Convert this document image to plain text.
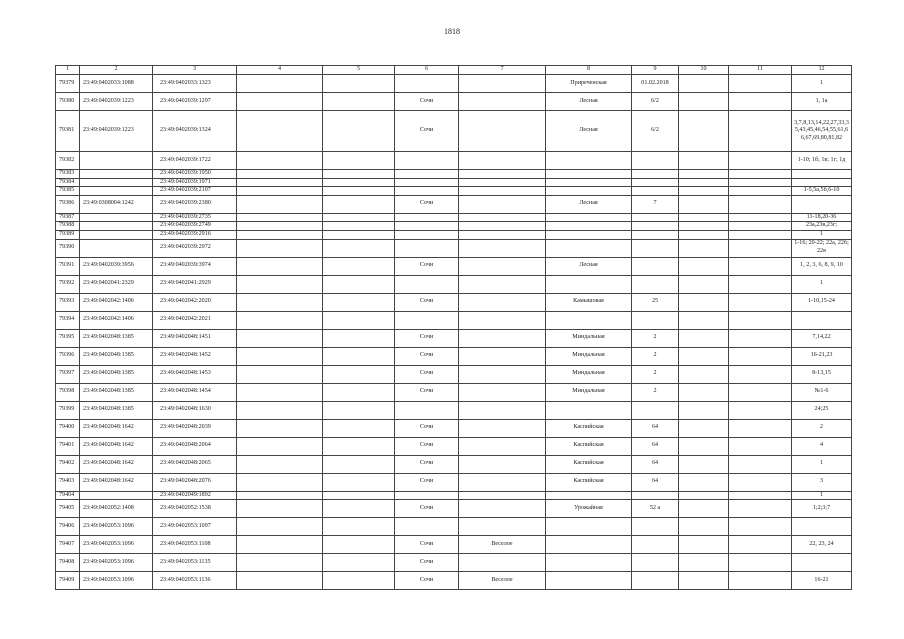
1818
1	2	3	4	5	6	7	8	9	10	11	12
79379	23:49:0402033:1088	23:49:0402033:1323					Приреченская	01.02.2018			1
79380	23:49:0402039:1223	23:49:0402039:1297			Сочи		Лесная	6/2			1, 1а
79381	23:49:0402039:1223	23:49:0402039:1324			Сочи		Лесная	6/2			3,7,8,13,14,22,27,33,35,43,45,46,54,55,61,66,67,69,80,81,82
79382		23:49:0402039:1722									1-10; 1б; 1в; 1г; 1д
79383		23:49:0402039:1950									
79384		23:49:0402039:1971									
79385		23:49:0402039:2107									1-5,5а,5б,6-10
79386	23:49:0308004:1242	23:49:0402039:2380			Сочи		Лесная	7			
79387		23:49:0402039:2735									11-18,20-36
79388		23:49:0402039:2749									23а,23в,23г;
79389		23:49:0402039:2916									1
79390		23:49:0402039:2972									1-16; 20-22; 22а, 22б; 22в
79391	23:49:0402039:3956	23:49:0402039:3974			Сочи		Лесная				1, 2, 3, 6, 8, 9, 10
79392	23:49:0402041:2329	23:49:0402041:2929									1
79393	23:49:0402042:1406	23:49:0402042:2020			Сочи		Камышовая	25			1-10,15-24
79394	23:49:0402042:1406	23:49:0402042:2021									
79395	23:49:0402048:1385	23:49:0402048:1451			Сочи		Миндальная	2			7,14,22
79396	23:49:0402048:1385	23:49:0402048:1452			Сочи		Миндальная	2			16-21,23
79397	23:49:0402048:1385	23:49:0402048:1453			Сочи		Миндальная	2			8-13,15
79398	23:49:0402048:1385	23:49:0402048:1454			Сочи		Миндальная	2			№1-6
79399	23:49:0402048:1385	23:49:0402048:1630									24;25
79400	23:49:0402048:1642	23:49:0402048:2039			Сочи		Каспийская	64			2
79401	23:49:0402048:1642	23:49:0402048:2064			Сочи		Каспийская	64			4
79402	23:49:0402048:1642	23:49:0402048:2065			Сочи		Каспийская	64			1
79403	23:49:0402048:1642	23:49:0402048:2076			Сочи		Каспийская	64			3
79404		23:49:0402049:1892									1
79405	23:49:0402052:1408	23:49:0402052:1538			Сочи		Урожайная	52 а			1;2;3;7
79406	23:49:0402053:1096	23:49:0402053:1097									
79407	23:49:0402053:1096	23:49:0402053:1108			Сочи	Веселое					22, 23, 24
79408	23:49:0402053:1096	23:49:0402053:1135			Сочи						
79409	23:49:0402053:1096	23:49:0402053:1136			Сочи	Веселое					16-21
